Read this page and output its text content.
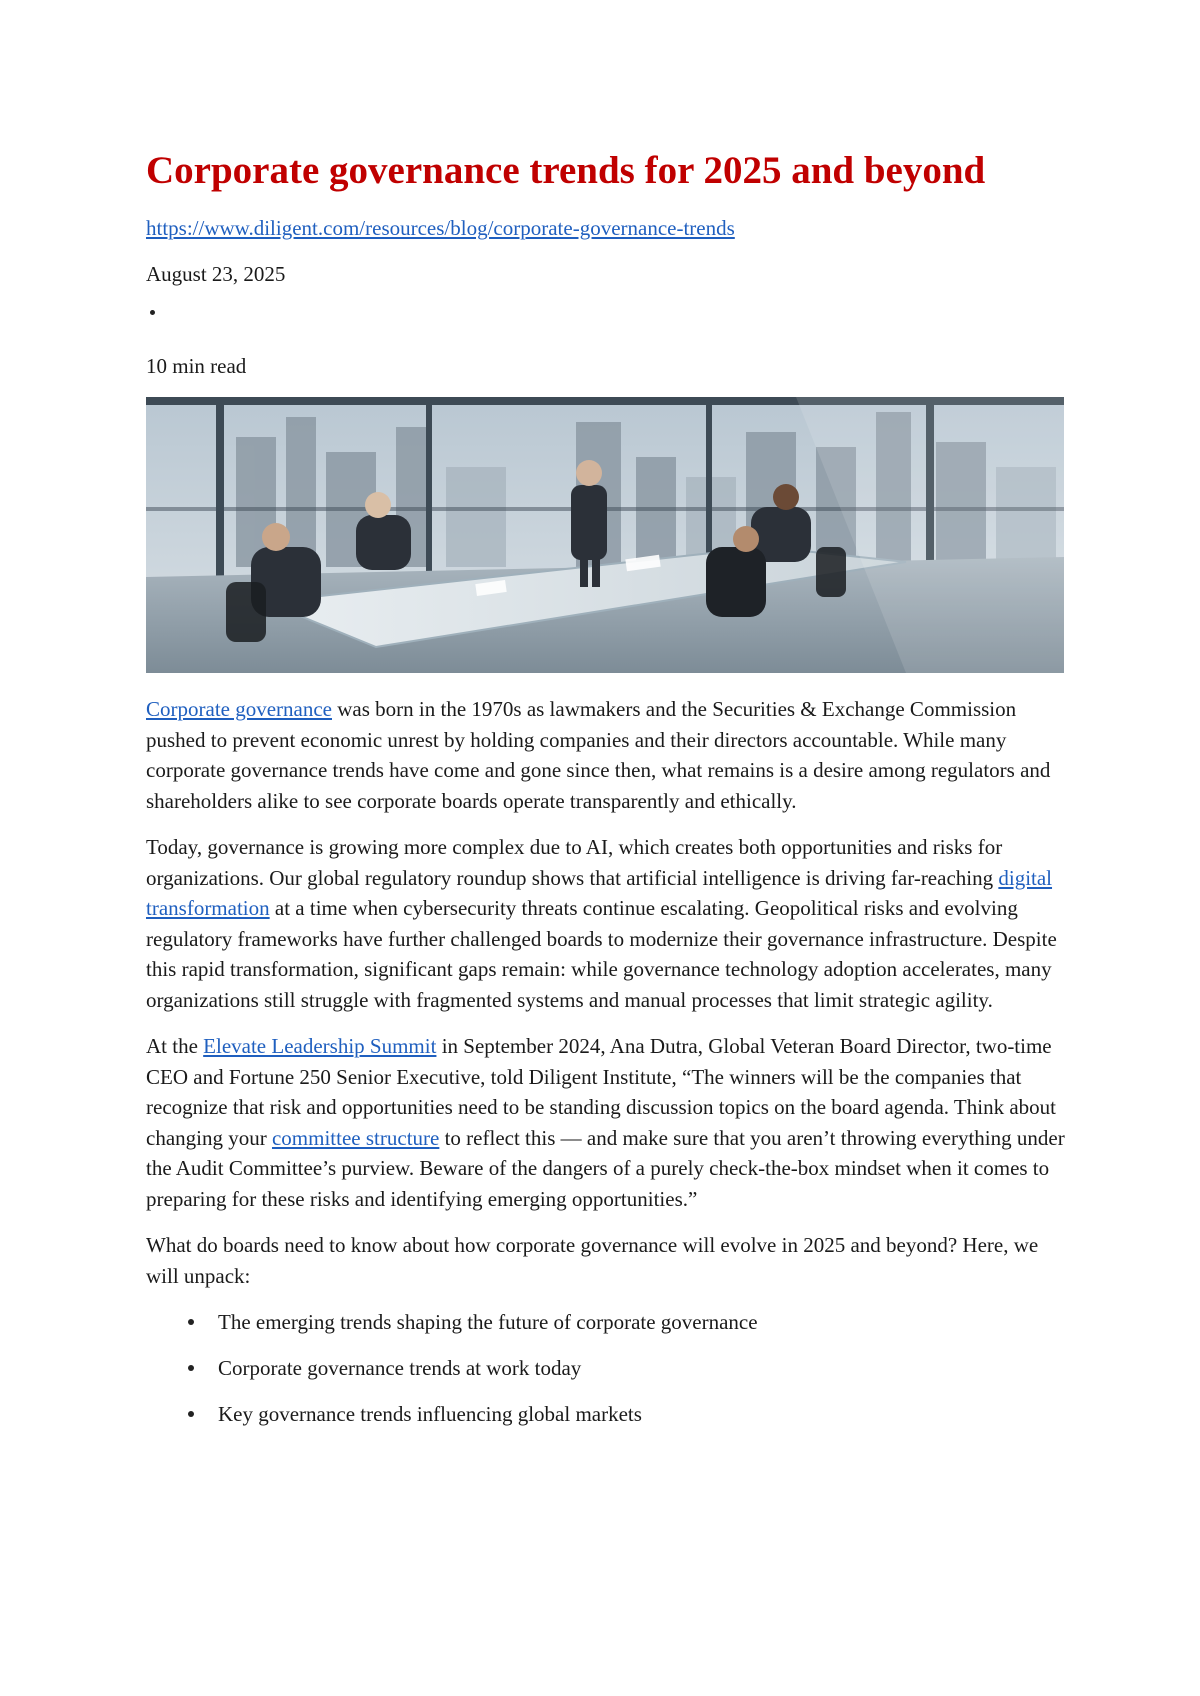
Corporate governance trends for 2025 and beyond
https://www.diligent.com/resources/blog/corporate-governance-trends
August 23, 2025
10 min read

Corporate governance was born in the 1970s as lawmakers and the Securities & Exchange Commission pushed to prevent economic unrest by holding companies and their directors accountable. While many corporate governance trends have come and gone since then, what remains is a desire among regulators and shareholders alike to see corporate boards operate transparently and ethically.

Today, governance is growing more complex due to AI, which creates both opportunities and risks for organizations. Our global regulatory roundup shows that artificial intelligence is driving far-reaching digital transformation at a time when cybersecurity threats continue escalating. Geopolitical risks and evolving regulatory frameworks have further challenged boards to modernize their governance infrastructure. Despite this rapid transformation, significant gaps remain: while governance technology adoption accelerates, many organizations still struggle with fragmented systems and manual processes that limit strategic agility.

At the Elevate Leadership Summit in September 2024, Ana Dutra, Global Veteran Board Director, two-time CEO and Fortune 250 Senior Executive, told Diligent Institute, “The winners will be the companies that recognize that risk and opportunities need to be standing discussion topics on the board agenda. Think about changing your committee structure to reflect this — and make sure that you aren’t throwing everything under the Audit Committee’s purview. Beware of the dangers of a purely check-the-box mindset when it comes to preparing for these risks and identifying emerging opportunities.”

What do boards need to know about how corporate governance will evolve in 2025 and beyond? Here, we will unpack:

The emerging trends shaping the future of corporate governance
Corporate governance trends at work today
Key governance trends influencing global markets
